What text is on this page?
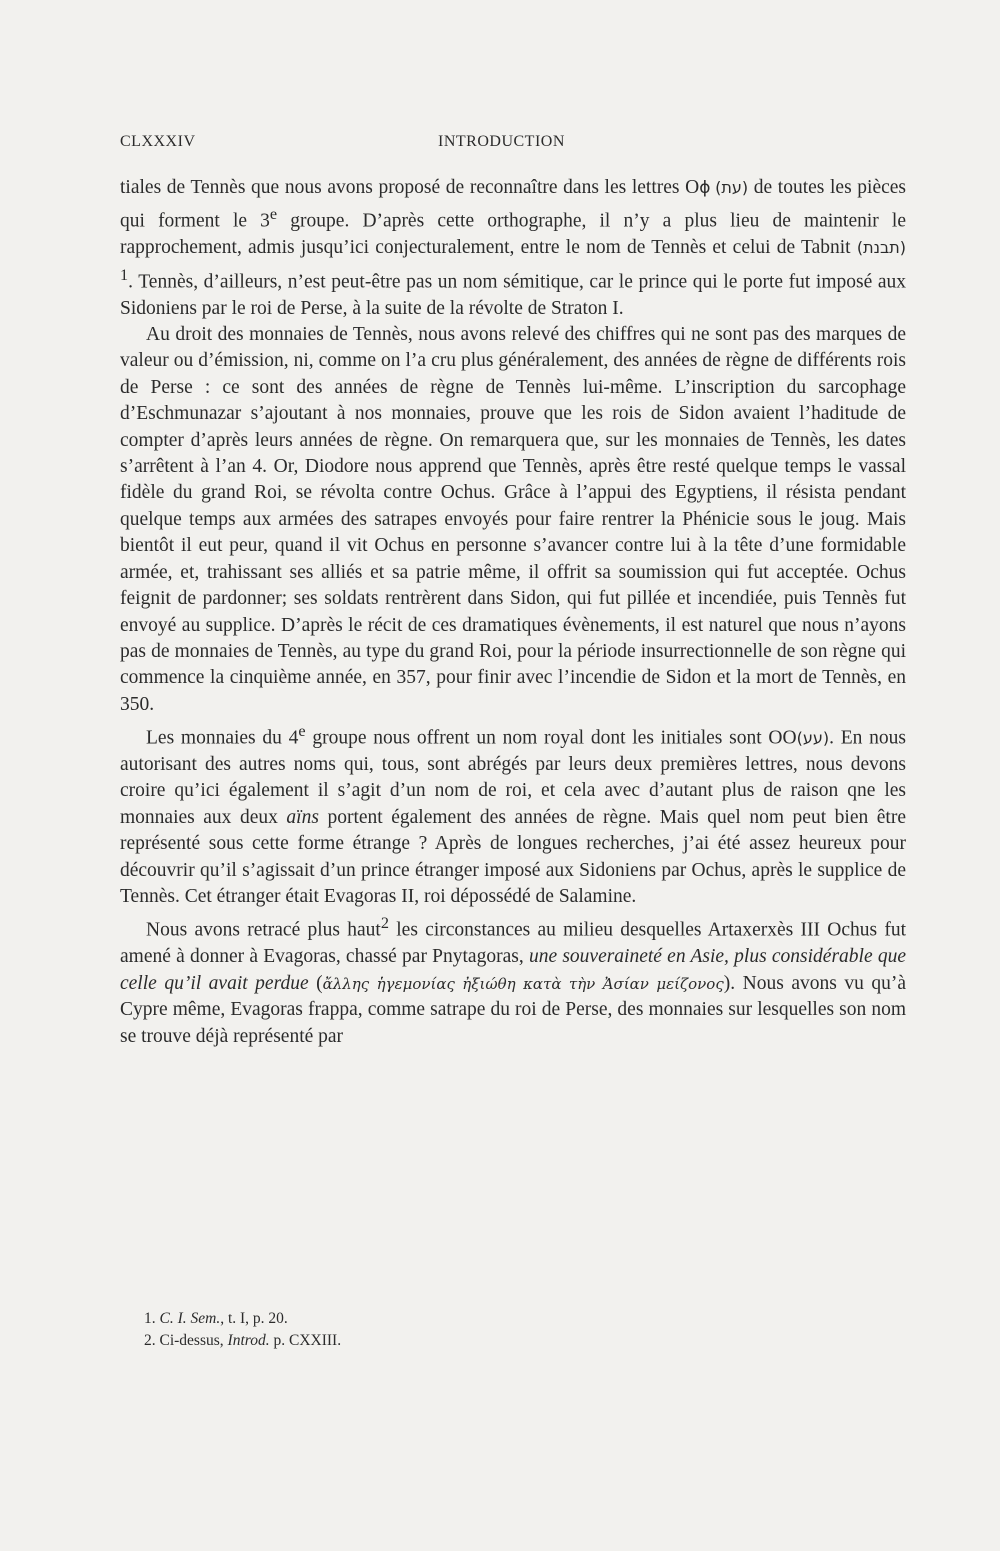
CLXXXIV	INTRODUCTION

tiales de Tennès que nous avons proposé de reconnaître dans les lettres Oϕ (עת) de toutes les pièces qui forment le 3e groupe. D’après cette orthographe, il n’y a plus lieu de maintenir le rapprochement, admis jusqu’ici conjecturalement, entre le nom de Tennès et celui de Tabnit (תבנת) $^1$. Tennès, d’ailleurs, n’est peut-être pas un nom sémitique, car le prince qui le porte fut imposé aux Sidoniens par le roi de Perse, à la suite de la révolte de Straton I.

Au droit des monnaies de Tennès, nous avons relevé des chiffres qui ne sont pas des marques de valeur ou d’émission, ni, comme on l’a cru plus généralement, des années de règne de différents rois de Perse : ce sont des années de règne de Tennès lui-même. L’inscription du sarcophage d’Eschmunazar s’ajoutant à nos monnaies, prouve que les rois de Sidon avaient l’haditude de compter d’après leurs années de règne. On remarquera que, sur les monnaies de Tennès, les dates s’arrêtent à l’an 4. Or, Diodore nous apprend que Tennès, après être resté quelque temps le vassal fidèle du grand Roi, se révolta contre Ochus. Grâce à l’appui des Egyptiens, il résista pendant quelque temps aux armées des satrapes envoyés pour faire rentrer la Phénicie sous le joug. Mais bientôt il eut peur, quand il vit Ochus en personne s’avancer contre lui à la tête d’une formidable armée, et, trahissant ses alliés et sa patrie même, il offrit sa soumission qui fut acceptée. Ochus feignit de pardonner; ses soldats rentrèrent dans Sidon, qui fut pillée et incendiée, puis Tennès fut envoyé au supplice. D’après le récit de ces dramatiques évènements, il est naturel que nous n’ayons pas de monnaies de Tennès, au type du grand Roi, pour la période insurrectionnelle de son règne qui commence la cinquième année, en 357, pour finir avec l’incendie de Sidon et la mort de Tennès, en 350.

Les monnaies du 4e groupe nous offrent un nom royal dont les initiales sont OO(עע). En nous autorisant des autres noms qui, tous, sont abrégés par leurs deux premières lettres, nous devons croire qu’ici également il s’agit d’un nom de roi, et cela avec d’autant plus de raison qne les monnaies aux deux aïns portent également des années de règne. Mais quel nom peut bien être représenté sous cette forme étrange ? Après de longues recherches, j’ai été assez heureux pour découvrir qu’il s’agissait d’un prince étranger imposé aux Sidoniens par Ochus, après le supplice de Tennès. Cet étranger était Evagoras II, roi dépossédé de Salamine.

Nous avons retracé plus haut$^2$ les circonstances au milieu desquelles Artaxerxès III Ochus fut amené à donner à Evagoras, chassé par Pnytagoras, une souveraineté en Asie, plus considérable que celle qu’il avait perdue (ἄλλης ἡγεμονίας ἠξιώθη κατὰ τὴν Ἀσίαν μείζονος). Nous avons vu qu’à Cypre même, Evagoras frappa, comme satrape du roi de Perse, des monnaies sur lesquelles son nom se trouve déjà représenté par

1. C. I. Sem., t. I, p. 20.

2. Ci-dessus, Introd. p. CXXIII.
